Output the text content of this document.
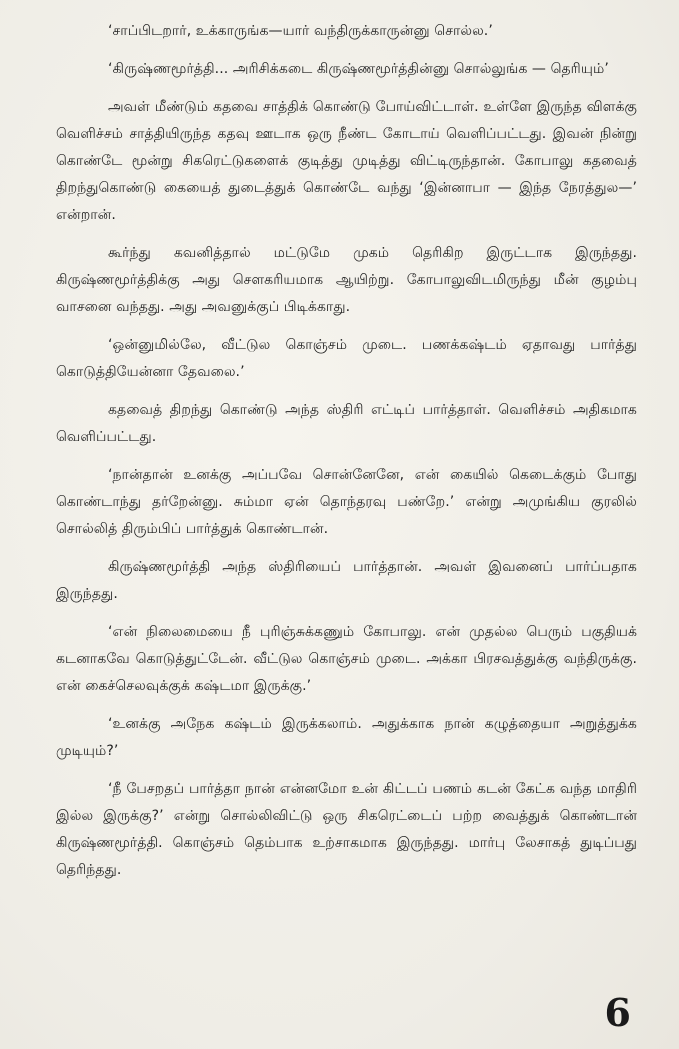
‘சாப்பிடறார், உக்காருங்க—யார் வந்திருக்காருன்னு சொல்ல.’

‘கிருஷ்ணமூர்த்தி... அரிசிக்கடை கிருஷ்ணமூர்த்தின்னு சொல்லுங்க — தெரியும்’

அவள் மீண்டும் கதவை சாத்திக் கொண்டு போய்விட்டாள். உள்ளே இருந்த விளக்கு வெளிச்சம் சாத்தியிருந்த கதவு ஊடாக ஒரு நீண்ட கோடாய் வெளிப்பட்டது. இவன் நின்று கொண்டே மூன்று சிகரெட்டுகளைக் குடித்து முடித்து விட்டிருந்தான். கோபாலு கதவைத் திறந்துகொண்டு கையைத் துடைத்துக் கொண்டே வந்து ‘இன்னாபா — இந்த நேரத்துல—’ என்றான்.

கூர்ந்து கவனித்தால் மட்டுமே முகம் தெரிகிற இருட்டாக இருந்தது. கிருஷ்ணமூர்த்திக்கு அது சௌகரியமாக ஆயிற்று. கோபாலுவிடமிருந்து மீன் குழம்பு வாசனை வந்தது. அது அவனுக்குப் பிடிக்காது.

‘ஒன்னுமில்லே, வீட்டுல கொஞ்சம் முடை. பணக்கஷ்டம் ஏதாவது பார்த்து கொடுத்தியேன்னா தேவலை.’

கதவைத் திறந்து கொண்டு அந்த ஸ்திரி எட்டிப் பார்த்தாள். வெளிச்சம் அதிகமாக வெளிப்பட்டது.

‘நான்தான் உனக்கு அப்பவே சொன்னேனே, என் கையில் கெடைக்கும் போது கொண்டாந்து தர்றேன்னு. சும்மா ஏன் தொந்தரவு பண்றே.’ என்று அமுங்கிய குரலில் சொல்லித் திரும்பிப் பார்த்துக் கொண்டான்.

கிருஷ்ணமூர்த்தி அந்த ஸ்திரியைப் பார்த்தான். அவள் இவனைப் பார்ப்பதாக இருந்தது.

‘என் நிலைமையை நீ புரிஞ்சுக்கணும் கோபாலு. என் முதல்ல பெரும் பகுதியக் கடனாகவே கொடுத்துட்டேன். வீட்டுல கொஞ்சம் முடை. அக்கா பிரசவத்துக்கு வந்திருக்கு. என் கைச்செலவுக்குக் கஷ்டமா இருக்கு.’

‘உனக்கு அநேக கஷ்டம் இருக்கலாம். அதுக்காக நான் கழுத்தையா அறுத்துக்க முடியும்?’

‘நீ பேசறதப் பார்த்தா நான் என்னமோ உன் கிட்டப் பணம் கடன் கேட்க வந்த மாதிரி இல்ல இருக்கு?’ என்று சொல்லிவிட்டு ஒரு சிகரெட்டைப் பற்ற வைத்துக் கொண்டான் கிருஷ்ணமூர்த்தி. கொஞ்சம் தெம்பாக உற்சாகமாக இருந்தது. மார்பு லேசாகத் துடிப்பது தெரிந்தது.

6
